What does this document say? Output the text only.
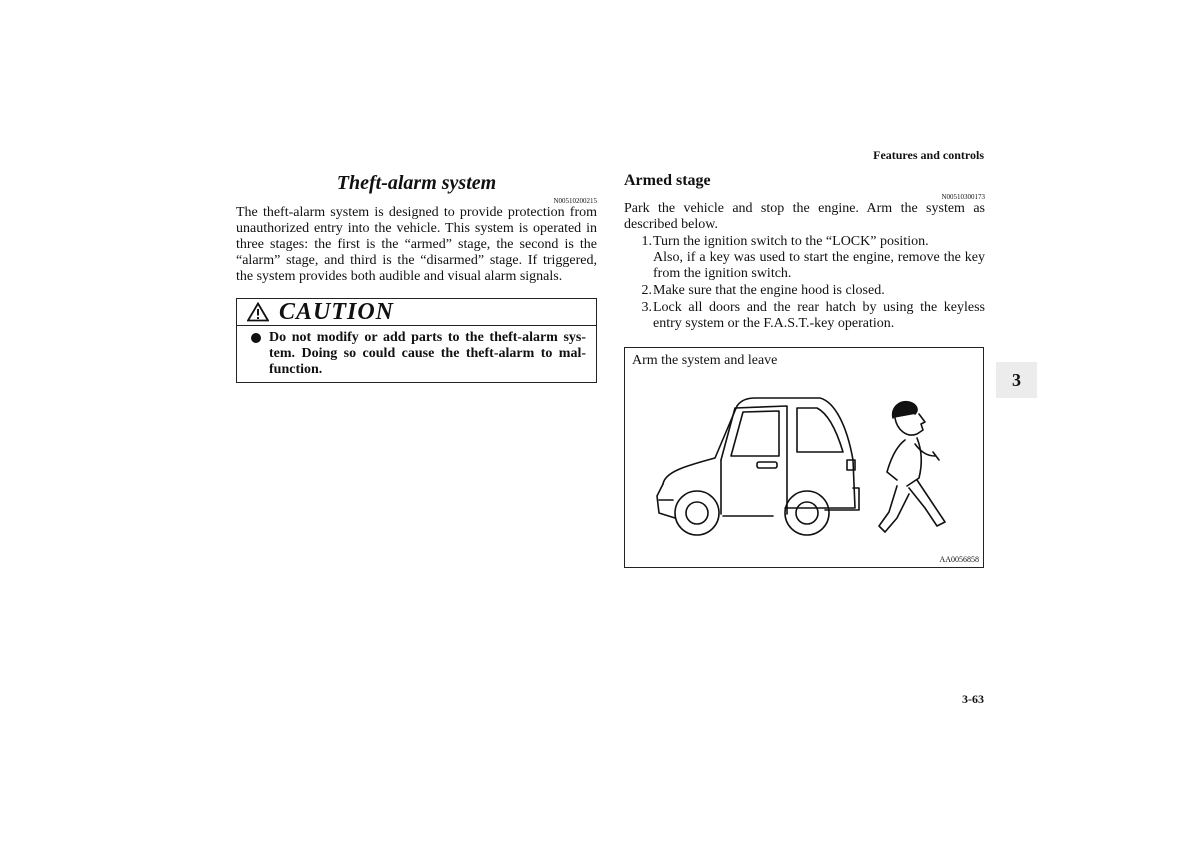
Features and controls
Theft-alarm system
N00510200215

The theft-alarm system is designed to provide protection from unauthorized entry into the vehicle. This system is operated in three stages: the first is the “armed” stage, the second is the “alarm” stage, and third is the “disarmed” stage. If triggered, the system provides both audible and visual alarm signals.

CAUTION
Do not modify or add parts to the theft-alarm sys-tem. Doing so could cause the theft-alarm to mal-function.
Armed stage
N00510300173

Park the vehicle and stop the engine. Arm the system as described below.

1. Turn the ignition switch to the “LOCK” position.
Also, if a key was used to start the engine, remove the key from the ignition switch.
2. Make sure that the engine hood is closed.
3. Lock all doors and the rear hatch by using the keyless entry system or the F.A.S.T.-key operation.
Arm the system and leave
AA0056858
3
3-63
